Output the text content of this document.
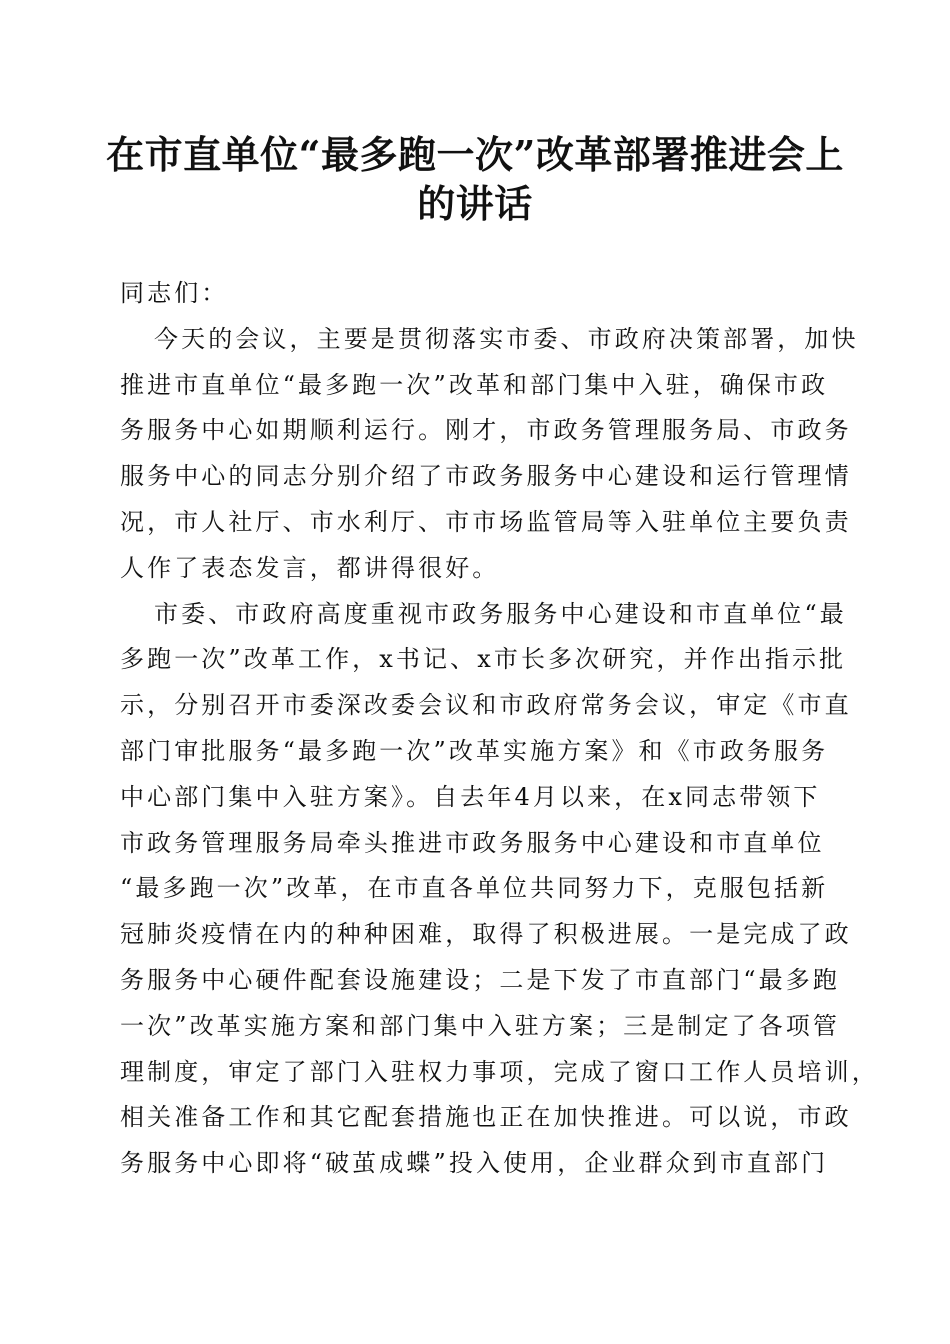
在市直单位“最多跑一次”改革部署推进会上
的讲话
同志们：
今天的会议，主要是贯彻落实市委、市政府决策部署，加快
推进市直单位“最多跑一次”改革和部门集中入驻，确保市政
务服务中心如期顺利运行。刚才，市政务管理服务局、市政务
服务中心的同志分别介绍了市政务服务中心建设和运行管理情
况，市人社厅、市水利厅、市市场监管局等入驻单位主要负责
人作了表态发言，都讲得很好。
市委、市政府高度重视市政务服务中心建设和市直单位“最
多跑一次”改革工作，x书记、x市长多次研究，并作出指示批
示，分别召开市委深改委会议和市政府常务会议，审定《市直
部门审批服务“最多跑一次”改革实施方案》和《市政务服务
中心部门集中入驻方案》。自去年4月以来，在x同志带领下
市政务管理服务局牵头推进市政务服务中心建设和市直单位
“最多跑一次”改革，在市直各单位共同努力下，克服包括新
冠肺炎疫情在内的种种困难，取得了积极进展。一是完成了政
务服务中心硬件配套设施建设；二是下发了市直部门“最多跑
一次”改革实施方案和部门集中入驻方案；三是制定了各项管
理制度，审定了部门入驻权力事项，完成了窗口工作人员培训，
相关准备工作和其它配套措施也正在加快推进。可以说，市政
务服务中心即将“破茧成蝶”投入使用，企业群众到市直部门
